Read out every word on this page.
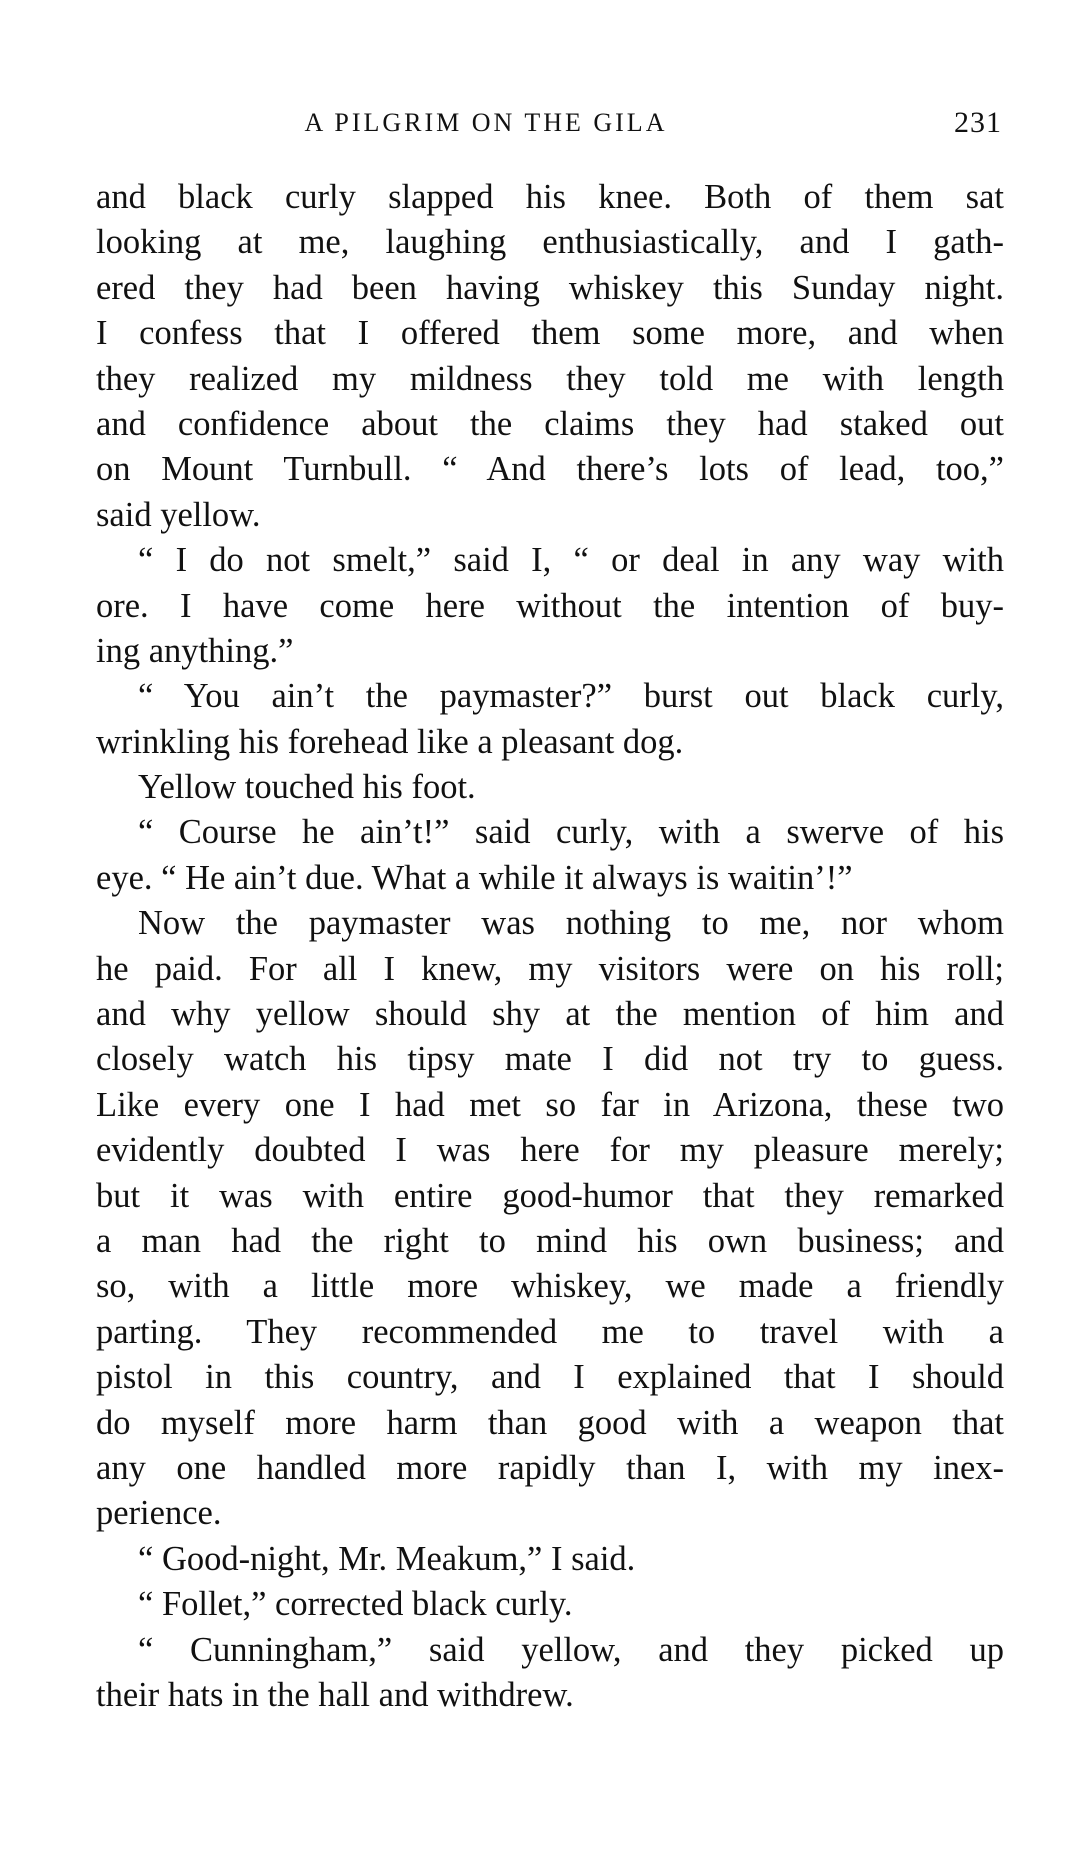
A PILGRIM ON THE GILA	231
and black curly slapped his knee. Both of them sat
looking at me, laughing enthusiastically, and I gath-
ered they had been having whiskey this Sunday night.
I confess that I offered them some more, and when
they realized my mildness they told me with length
and confidence about the claims they had staked out
on Mount Turnbull. “ And there’s lots of lead, too,”
said yellow.
“ I do not smelt,” said I, “ or deal in any way with
ore. I have come here without the intention of buy-
ing anything.”
“ You ain’t the paymaster?” burst out black curly,
wrinkling his forehead like a pleasant dog.
Yellow touched his foot.
“ Course he ain’t!” said curly, with a swerve of his
eye. “ He ain’t due. What a while it always is waitin’!”
Now the paymaster was nothing to me, nor whom
he paid. For all I knew, my visitors were on his roll;
and why yellow should shy at the mention of him and
closely watch his tipsy mate I did not try to guess.
Like every one I had met so far in Arizona, these two
evidently doubted I was here for my pleasure merely;
but it was with entire good-humor that they remarked
a man had the right to mind his own business; and
so, with a little more whiskey, we made a friendly
parting. They recommended me to travel with a
pistol in this country, and I explained that I should
do myself more harm than good with a weapon that
any one handled more rapidly than I, with my inex-
perience.
“ Good-night, Mr. Meakum,” I said.
“ Follet,” corrected black curly.
“ Cunningham,” said yellow, and they picked up
their hats in the hall and withdrew.
